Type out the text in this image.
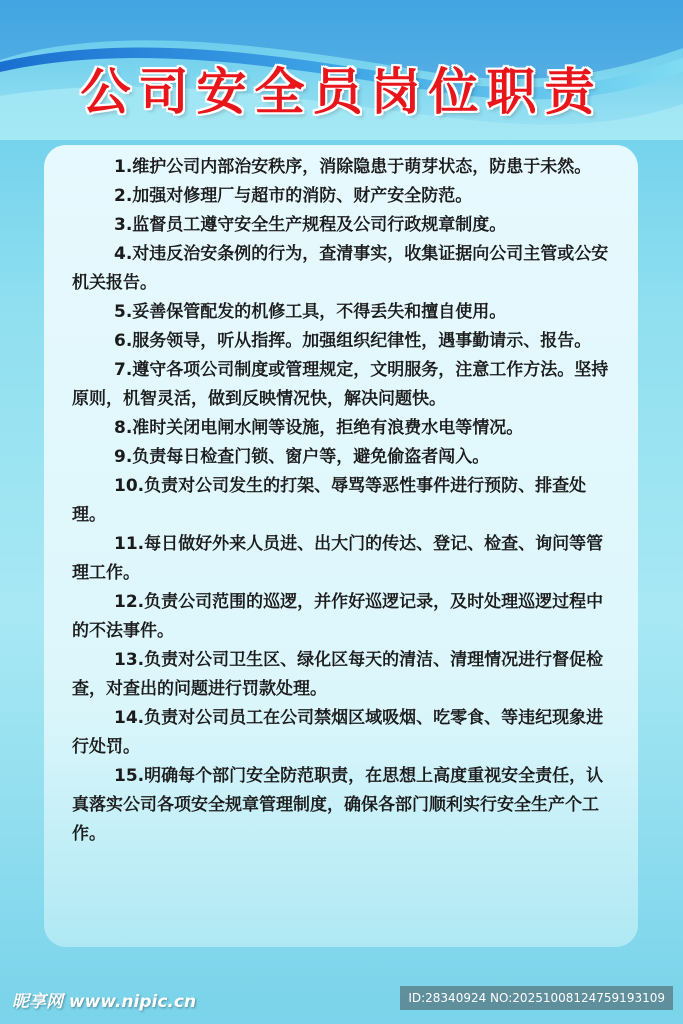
公司安全员岗位职责

1.维护公司内部治安秩序，消除隐患于萌芽状态，防患于未然。

2.加强对修理厂与超市的消防、财产安全防范。

3.监督员工遵守安全生产规程及公司行政规章制度。

4.对违反治安条例的行为，查清事实，收集证据向公司主管或公安机关报告。

5.妥善保管配发的机修工具，不得丢失和擅自使用。

6.服务领导，听从指挥。加强组织纪律性，遇事勤请示、报告。

7.遵守各项公司制度或管理规定，文明服务，注意工作方法。坚持原则，机智灵活，做到反映情况快，解决问题快。

8.准时关闭电闸水闸等设施，拒绝有浪费水电等情况。

9.负责每日检查门锁、窗户等，避免偷盗者闯入。

10.负责对公司发生的打架、辱骂等恶性事件进行预防、排查处理。

11.每日做好外来人员进、出大门的传达、登记、检查、询问等管理工作。

12.负责公司范围的巡逻，并作好巡逻记录，及时处理巡逻过程中的不法事件。

13.负责对公司卫生区、绿化区每天的清洁、清理情况进行督促检查，对查出的问题进行罚款处理。

14.负责对公司员工在公司禁烟区域吸烟、吃零食、等违纪现象进行处罚。

15.明确每个部门安全防范职责，在思想上高度重视安全责任，认真落实公司各项安全规章管理制度，确保各部门顺利实行安全生产个工作。

昵享网 www.nipic.cn	ID:28340924 NO:20251008124759193109
